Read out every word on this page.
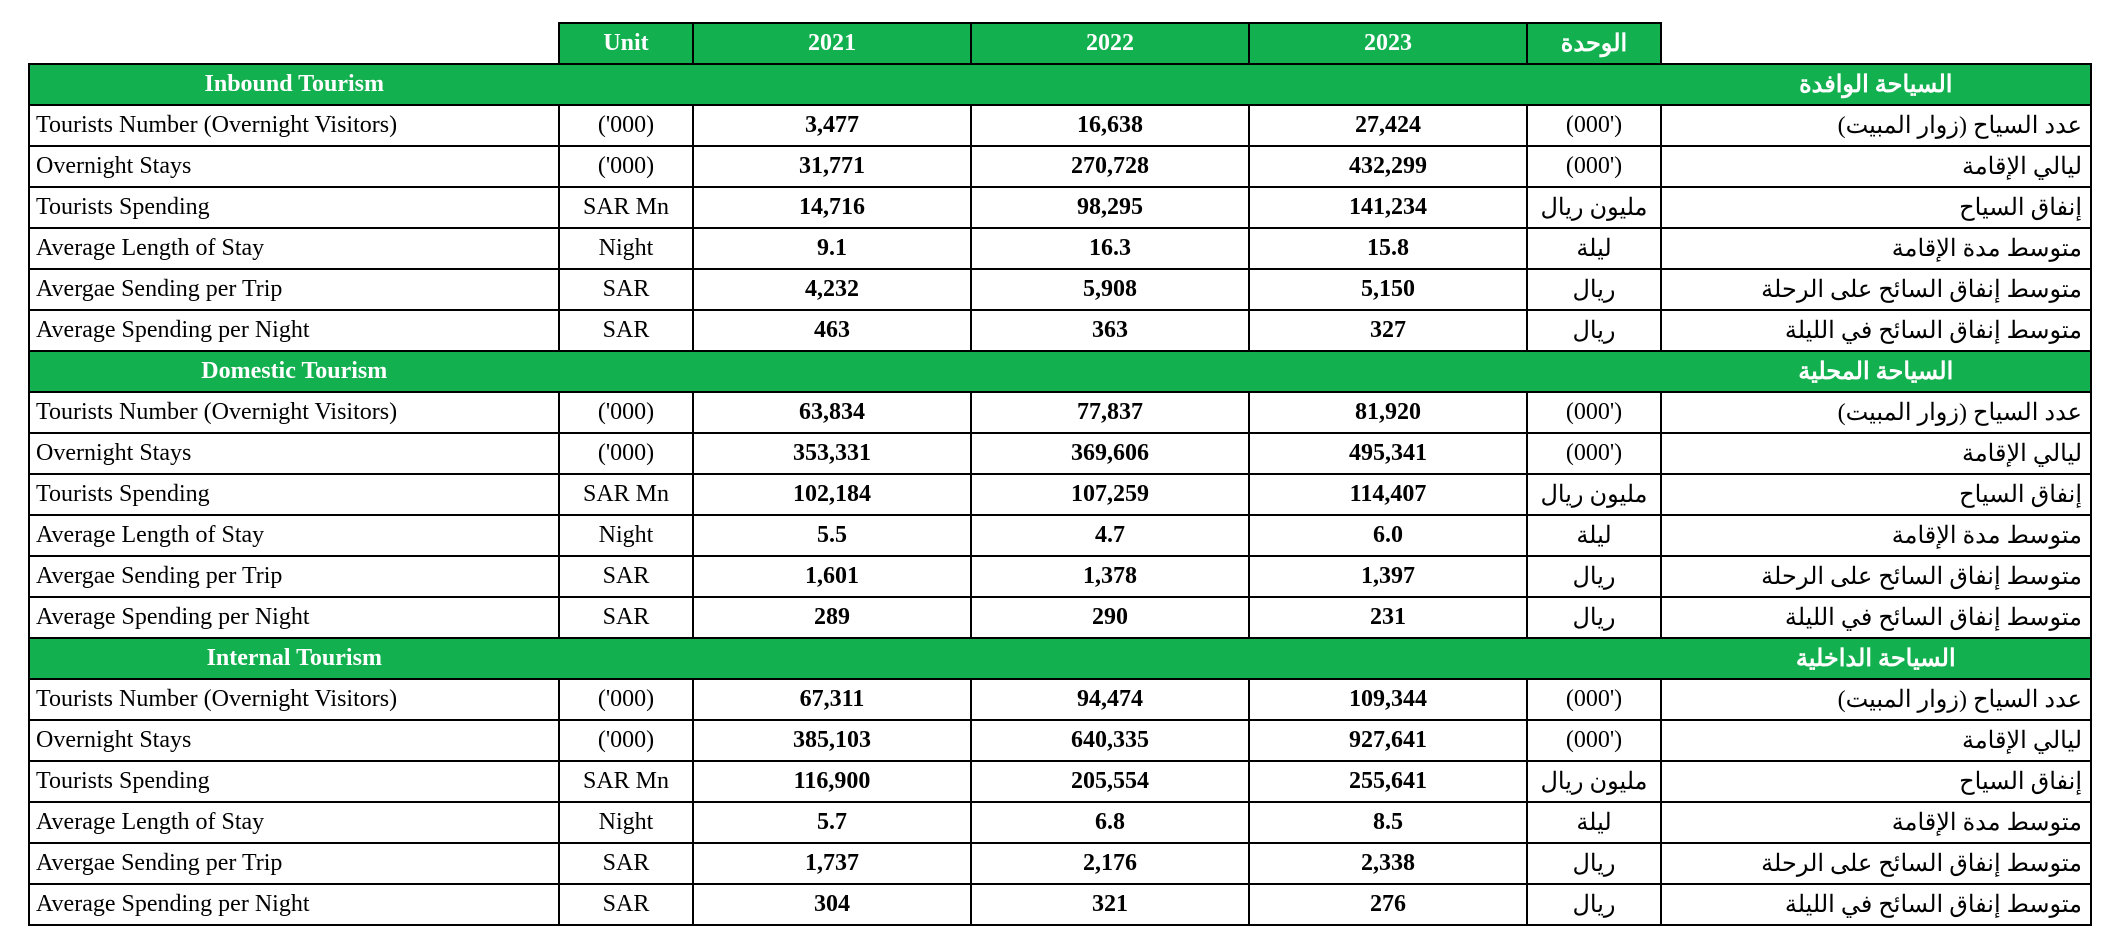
	Unit	2021	2022	2023	الوحدة	
Inbound Tourism						السياحة الوافدة
Tourists Number (Overnight Visitors)	('000)	3,477	16,638	27,424	('000)	عدد السياح (زوار المبيت)
Overnight Stays	('000)	31,771	270,728	432,299	('000)	ليالي الإقامة
Tourists Spending	SAR Mn	14,716	98,295	141,234	مليون ريال	إنفاق السياح
Average Length of Stay	Night	9.1	16.3	15.8	ليلة	متوسط مدة الإقامة
Avergae Sending per Trip	SAR	4,232	5,908	5,150	ريال	متوسط إنفاق السائح على الرحلة
Average Spending per Night	SAR	463	363	327	ريال	متوسط إنفاق السائح في الليلة
Domestic Tourism						السياحة المحلية
Tourists Number (Overnight Visitors)	('000)	63,834	77,837	81,920	('000)	عدد السياح (زوار المبيت)
Overnight Stays	('000)	353,331	369,606	495,341	('000)	ليالي الإقامة
Tourists Spending	SAR Mn	102,184	107,259	114,407	مليون ريال	إنفاق السياح
Average Length of Stay	Night	5.5	4.7	6.0	ليلة	متوسط مدة الإقامة
Avergae Sending per Trip	SAR	1,601	1,378	1,397	ريال	متوسط إنفاق السائح على الرحلة
Average Spending per Night	SAR	289	290	231	ريال	متوسط إنفاق السائح في الليلة
Internal Tourism						السياحة الداخلية
Tourists Number (Overnight Visitors)	('000)	67,311	94,474	109,344	('000)	عدد السياح (زوار المبيت)
Overnight Stays	('000)	385,103	640,335	927,641	('000)	ليالي الإقامة
Tourists Spending	SAR Mn	116,900	205,554	255,641	مليون ريال	إنفاق السياح
Average Length of Stay	Night	5.7	6.8	8.5	ليلة	متوسط مدة الإقامة
Avergae Sending per Trip	SAR	1,737	2,176	2,338	ريال	متوسط إنفاق السائح على الرحلة
Average Spending per Night	SAR	304	321	276	ريال	متوسط إنفاق السائح في الليلة
